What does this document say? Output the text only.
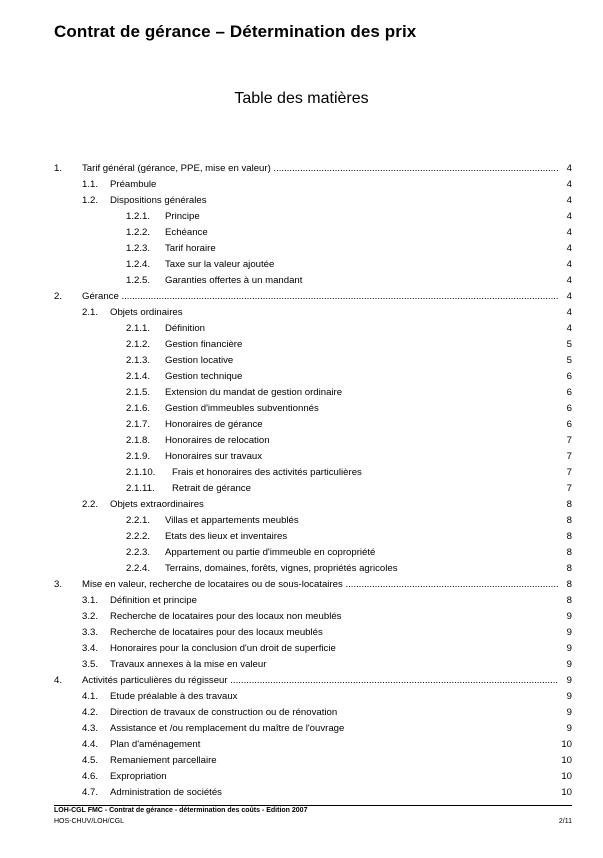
Contrat de gérance – Détermination des prix
Table des matières
1. Tarif général (gérance, PPE, mise en valeur) .....	4
1.1. Préambule	4
1.2. Dispositions générales	4
1.2.1. Principe	4
1.2.2. Echéance	4
1.2.3. Tarif horaire	4
1.2.4. Taxe sur la valeur ajoutée	4
1.2.5. Garanties offertes à un mandant	4
2. Gérance .....	4
2.1. Objets ordinaires	4
2.1.1. Définition	4
2.1.2. Gestion financière	5
2.1.3. Gestion locative	5
2.1.4. Gestion technique	6
2.1.5. Extension du mandat de gestion ordinaire	6
2.1.6. Gestion d'immeubles subventionnés	6
2.1.7. Honoraires de gérance	6
2.1.8. Honoraires de relocation	7
2.1.9. Honoraires sur travaux	7
2.1.10. Frais et honoraires des activités particulières	7
2.1.11. Retrait de gérance	7
2.2. Objets extraordinaires	8
2.2.1. Villas et appartements meublés	8
2.2.2. Etats des lieux et inventaires	8
2.2.3. Appartement ou partie d'immeuble en copropriété	8
2.2.4. Terrains, domaines, forêts, vignes, propriétés agricoles	8
3. Mise en valeur, recherche de locataires ou de sous-locataires .....	8
3.1. Définition et principe	8
3.2. Recherche de locataires pour des locaux non meublés	9
3.3. Recherche de locataires pour des locaux meublés	9
3.4. Honoraires pour la conclusion d'un droit de superficie	9
3.5. Travaux annexes à la mise en valeur	9
4. Activités particulières du régisseur .....	9
4.1. Etude préalable à des travaux	9
4.2. Direction de travaux de construction ou de rénovation	9
4.3. Assistance et /ou remplacement du maître de l'ouvrage	9
4.4. Plan d'aménagement	10
4.5. Remaniement parcellaire	10
4.6. Expropriation	10
4.7. Administration de sociétés	10
LOH-CGL FMC - Contrat de gérance - détermination des coûts - Edition 2007
HOS-CHUV/LOH/CGL	2/11
